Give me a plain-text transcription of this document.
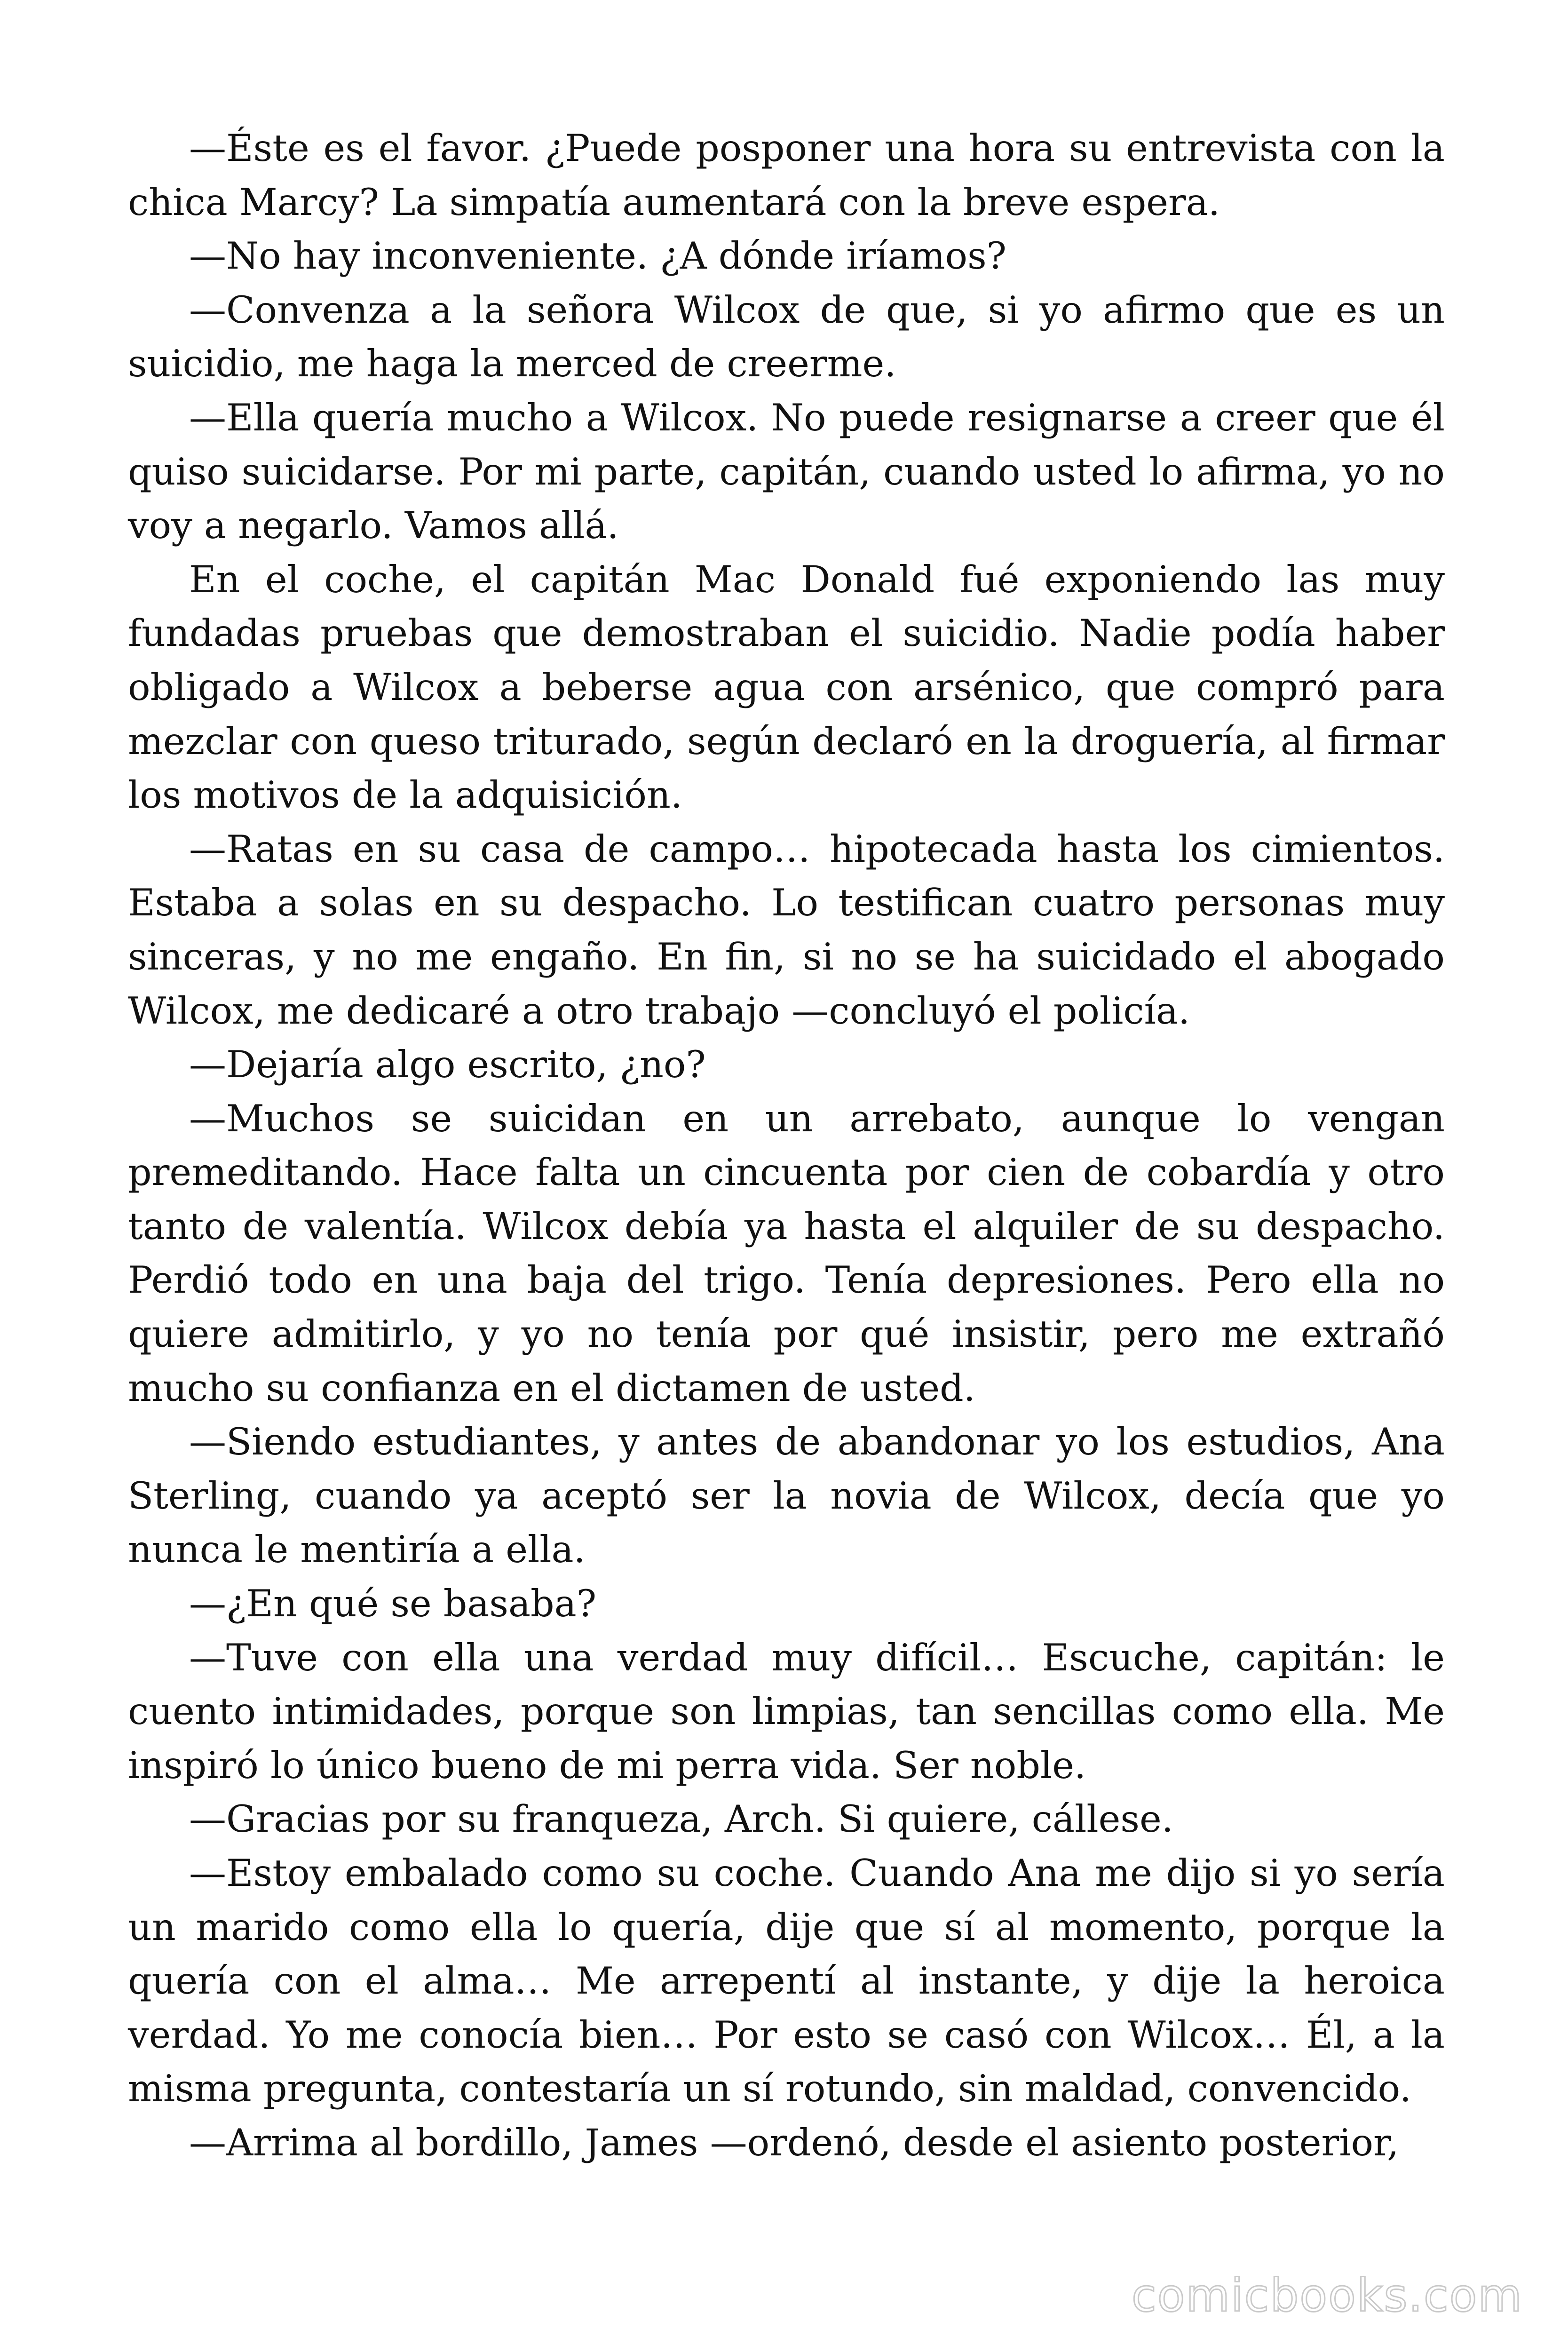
—Éste es el favor. ¿Puede posponer una hora su entrevista con la chica Marcy? La simpatía aumentará con la breve espera.

—No hay inconveniente. ¿A dónde iríamos?

—Convenza a la señora Wilcox de que, si yo afirmo que es un suicidio, me haga la merced de creerme.

—Ella quería mucho a Wilcox. No puede resignarse a creer que él quiso suicidarse. Por mi parte, capitán, cuando usted lo afirma, yo no voy a negarlo. Vamos allá.

En el coche, el capitán Mac Donald fué exponiendo las muy fundadas pruebas que demostraban el suicidio. Nadie podía haber obligado a Wilcox a beberse agua con arsénico, que compró para mezclar con queso triturado, según declaró en la droguería, al firmar los motivos de la adquisición.

—Ratas en su casa de campo… hipotecada hasta los cimientos. Estaba a solas en su despacho. Lo testifican cuatro personas muy sinceras, y no me engaño. En fin, si no se ha suicidado el abogado Wilcox, me dedicaré a otro trabajo —concluyó el policía.

—Dejaría algo escrito, ¿no?

—Muchos se suicidan en un arrebato, aunque lo vengan premeditando. Hace falta un cincuenta por cien de cobardía y otro tanto de valentía. Wilcox debía ya hasta el alquiler de su despacho. Perdió todo en una baja del trigo. Tenía depresiones. Pero ella no quiere admitirlo, y yo no tenía por qué insistir, pero me extrañó mucho su confianza en el dictamen de usted.

—Siendo estudiantes, y antes de abandonar yo los estudios, Ana Sterling, cuando ya aceptó ser la novia de Wilcox, decía que yo nunca le mentiría a ella.

—¿En qué se basaba?

—Tuve con ella una verdad muy difícil… Escuche, capitán: le cuento intimidades, porque son limpias, tan sencillas como ella. Me inspiró lo único bueno de mi perra vida. Ser noble.

—Gracias por su franqueza, Arch. Si quiere, cállese.

—Estoy embalado como su coche. Cuando Ana me dijo si yo sería un marido como ella lo quería, dije que sí al momento, porque la quería con el alma… Me arrepentí al instante, y dije la heroica verdad. Yo me conocía bien… Por esto se casó con Wilcox… Él, a la misma pregunta, contestaría un sí rotundo, sin maldad, convencido.

—Arrima al bordillo, James —ordenó, desde el asiento posterior,

comicbooks.com
